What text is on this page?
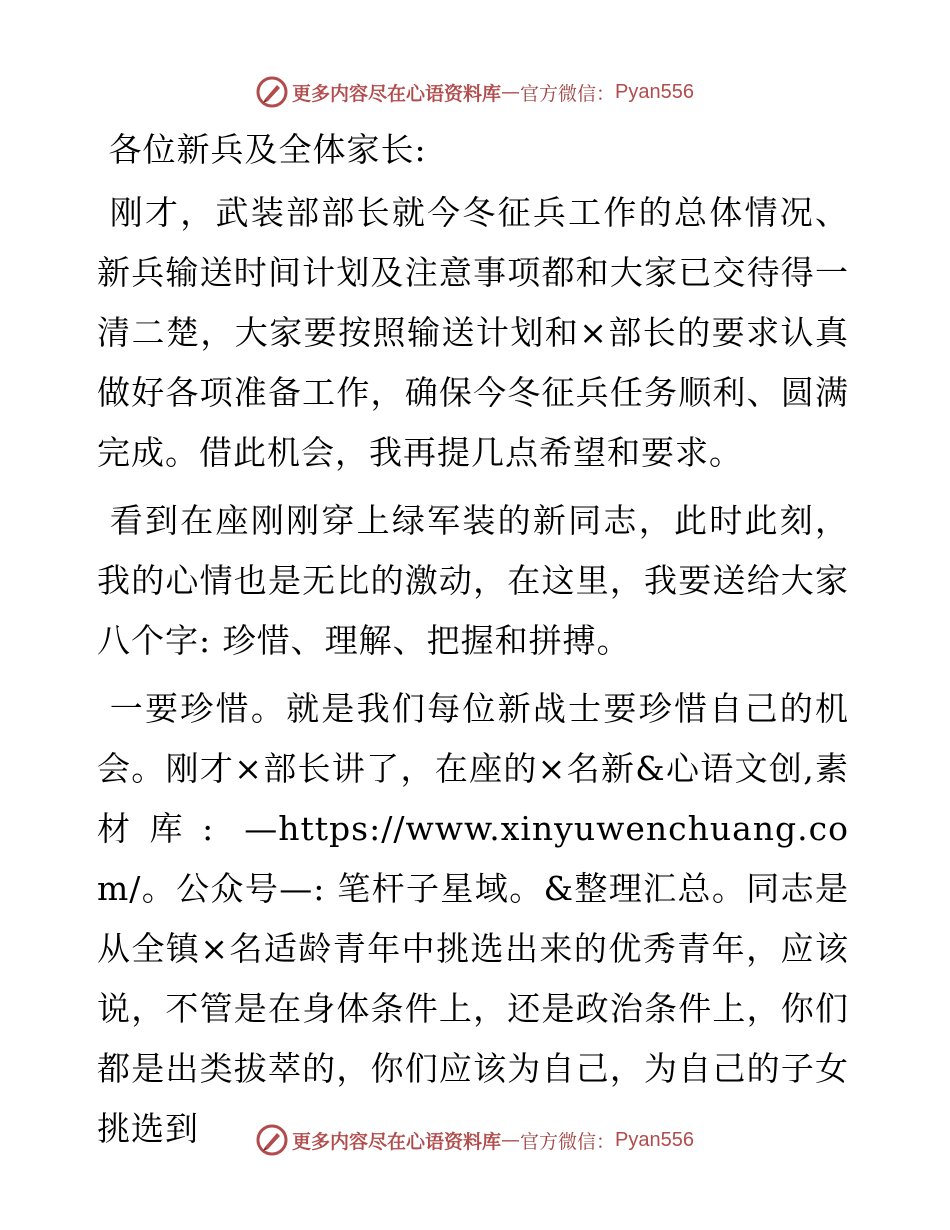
更多内容尽在心语资料库 — 官方微信： Pyan556

各位新兵及全体家长:

刚才，武装部部长就今冬征兵工作的总体情况、新兵输送时间计划及注意事项都和大家已交待得一清二楚，大家要按照输送计划和×部长的要求认真做好各项准备工作，确保今冬征兵任务顺利、圆满完成。借此机会，我再提几点希望和要求。

看到在座刚刚穿上绿军装的新同志，此时此刻，我的心情也是无比的激动，在这里，我要送给大家八个字: 珍惜、理解、把握和拼搏。

一要珍惜。就是我们每位新战士要珍惜自己的机会。刚才×部长讲了，在座的×名新&心语文创,素材库: —https://www.xinyuwenchuang.com/。公众号—: 笔杆子星域。&整理汇总。同志是从全镇×名适龄青年中挑选出来的优秀青年，应该说，不管是在身体条件上，还是政治条件上，你们都是出类拔萃的，你们应该为自己，为自己的子女挑选到	更多内容尽在心语资料库 — 官方微信： Pyan556
